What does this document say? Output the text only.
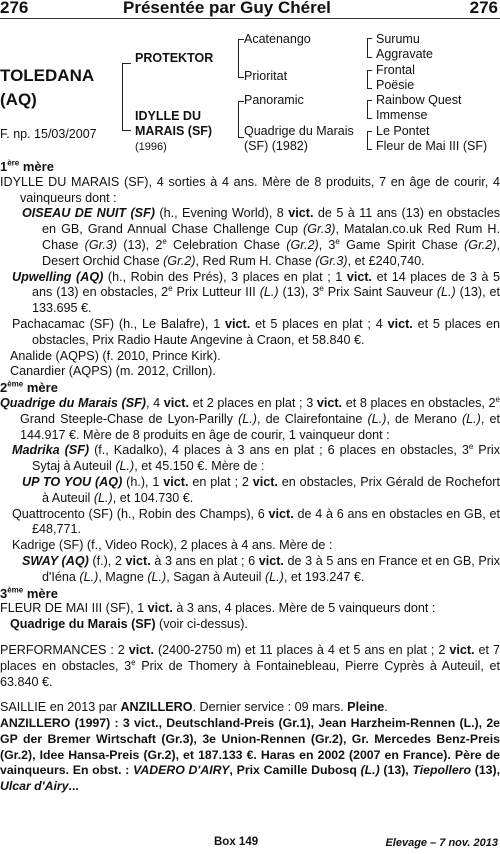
276	Présentée par Guy Chérel	276
TOLEDANA
(AQ)
F. np. 15/03/2007
PROTEKTOR
IDYLLE DU
MARAIS (SF)
(1996)
Acatenango
Prioritat
Panoramic
Quadrige du Marais
(SF) (1982)
Surumu
Aggravate
Frontal
Poësie
Rainbow Quest
Immense
Le Pontet
Fleur de Mai III (SF)

1ère mère

IDYLLE DU MARAIS (SF), 4 sorties à 4 ans. Mère de 8 produits, 7 en âge de courir, 4 vainqueurs dont :

OISEAU DE NUIT (SF) (h., Evening World), 8 vict. de 5 à 11 ans (13) en obstacles en GB, Grand Annual Chase Challenge Cup (Gr.3), Matalan.co.uk Red Rum H. Chase (Gr.3) (13), 2e Celebration Chase (Gr.2), 3e Game Spirit Chase (Gr.2), Desert Orchid Chase (Gr.2), Red Rum H. Chase (Gr.3), et £240,740.

Upwelling (AQ) (h., Robin des Prés), 3 places en plat ; 1 vict. et 14 places de 3 à 5 ans (13) en obstacles, 2e Prix Lutteur III (L.) (13), 3e Prix Saint Sauveur (L.) (13), et 133.695 €.

Pachacamac (SF) (h., Le Balafre), 1 vict. et 5 places en plat ; 4 vict. et 5 places en obstacles, Prix Radio Haute Angevine à Craon, et 58.840 €.

Analide (AQPS) (f. 2010, Prince Kirk).

Canardier (AQPS) (m. 2012, Crillon).

2ème mère

Quadrige du Marais (SF), 4 vict. et 2 places en plat ; 3 vict. et 8 places en obstacles, 2e Grand Steeple-Chase de Lyon-Parilly (L.), de Clairefontaine (L.), de Merano (L.), et 144.917 €. Mère de 8 produits en âge de courir, 1 vainqueur dont :

Madrika (SF) (f., Kadalko), 4 places à 3 ans en plat ; 6 places en obstacles, 3e Prix Sytaj à Auteuil (L.), et 45.150 €. Mère de :

UP TO YOU (AQ) (h.), 1 vict. en plat ; 2 vict. en obstacles, Prix Gérald de Rochefort à Auteuil (L.), et 104.730 €.

Quattrocento (SF) (h., Robin des Champs), 6 vict. de 4 à 6 ans en obstacles en GB, et £48,771.

Kadrige (SF) (f., Video Rock), 2 places à 4 ans. Mère de :

SWAY (AQ) (f.), 2 vict. à 3 ans en plat ; 6 vict. de 3 à 5 ans en France et en GB, Prix d'Iéna (L.), Magne (L.), Sagan à Auteuil (L.), et 193.247 €.

3ème mère

FLEUR DE MAI III (SF), 1 vict. à 3 ans, 4 places. Mère de 5 vainqueurs dont :

Quadrige du Marais (SF) (voir ci-dessus).

PERFORMANCES : 2 vict. (2400-2750 m) et 11 places à 4 et 5 ans en plat ; 2 vict. et 7 places en obstacles, 3e Prix de Thomery à Fontainebleau, Pierre Cyprès à Auteuil, et 63.840 €.

SAILLIE en 2013 par ANZILLERO. Dernier service : 09 mars. Pleine.

ANZILLERO (1997) : 3 vict., Deutschland-Preis (Gr.1), Jean Harzheim-Rennen (L.), 2e GP der Bremer Wirtschaft (Gr.3), 3e Union-Rennen (Gr.2), Gr. Mercedes Benz-Preis (Gr.2), Idee Hansa-Preis (Gr.2), et 187.133 €. Haras en 2002 (2007 en France). Père de vainqueurs. En obst. : VADERO D'AIRY, Prix Camille Dubosq (L.) (13), Tiepollero (13), Ulcar d'Airy...

Box 149	Elevage – 7 nov. 2013
